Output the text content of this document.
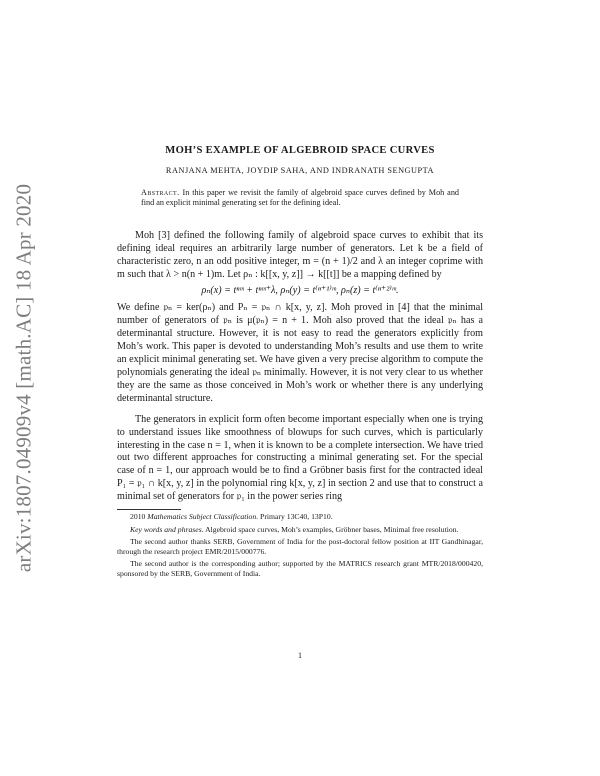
arXiv:1807.04909v4 [math.AC] 18 Apr 2020
MOH’S EXAMPLE OF ALGEBROID SPACE CURVES

RANJANA MEHTA, JOYDIP SAHA, AND INDRANATH SENGUPTA

Abstract. In this paper we revisit the family of algebroid space curves defined by Moh and find an explicit minimal generating set for the defining ideal.

Moh [3] defined the following family of algebroid space curves to exhibit that its defining ideal requires an arbitrarily large number of generators. Let k be a field of characteristic zero, n an odd positive integer, m = (n + 1)/2 and λ an integer coprime with m such that λ > n(n + 1)m. Let ρₙ : k[[x, y, z]] → k[[t]] be a mapping defined by

ρₙ(x) = tⁿᵐ + tⁿᵐ⁺λ, ρₙ(y) = t⁽ⁿ⁺¹⁾ᵐ, ρₙ(z) = t⁽ⁿ⁺²⁾ᵐ.

We define 𝔭ₙ = ker(ρₙ) and Pₙ = 𝔭ₙ ∩ k[x, y, z]. Moh proved in [4] that the minimal number of generators of 𝔭ₙ is μ(𝔭ₙ) = n + 1. Moh also proved that the ideal 𝔭ₙ has a determinantal structure. However, it is not easy to read the generators explicitly from Moh’s work. This paper is devoted to understanding Moh’s results and use them to write an explicit minimal generating set. We have given a very precise algorithm to compute the polynomials generating the ideal 𝔭ₙ minimally. However, it is not very clear to us whether they are the same as those conceived in Moh’s work or whether there is any underlying determinantal structure.

The generators in explicit form often become important especially when one is trying to understand issues like smoothness of blowups for such curves, which is particularly interesting in the case n = 1, when it is known to be a complete intersection. We have tried out two different approaches for constructing a minimal generating set. For the special case of n = 1, our approach would be to find a Gröbner basis first for the contracted ideal P₁ = 𝔭₁ ∩ k[x, y, z] in the polynomial ring k[x, y, z] in section 2 and use that to construct a minimal set of generators for 𝔭₁ in the power series ring

2010 Mathematics Subject Classification. Primary 13C40, 13P10.

Key words and phrases. Algebroid space curves, Moh’s examples, Gröbner bases, Minimal free resolution.

The second author thanks SERB, Government of India for the post-doctoral fellow position at IIT Gandhinagar, through the research project EMR/2015/000776.

The second author is the corresponding author; supported by the MATRICS research grant MTR/2018/000420, sponsored by the SERB, Government of India.

1
